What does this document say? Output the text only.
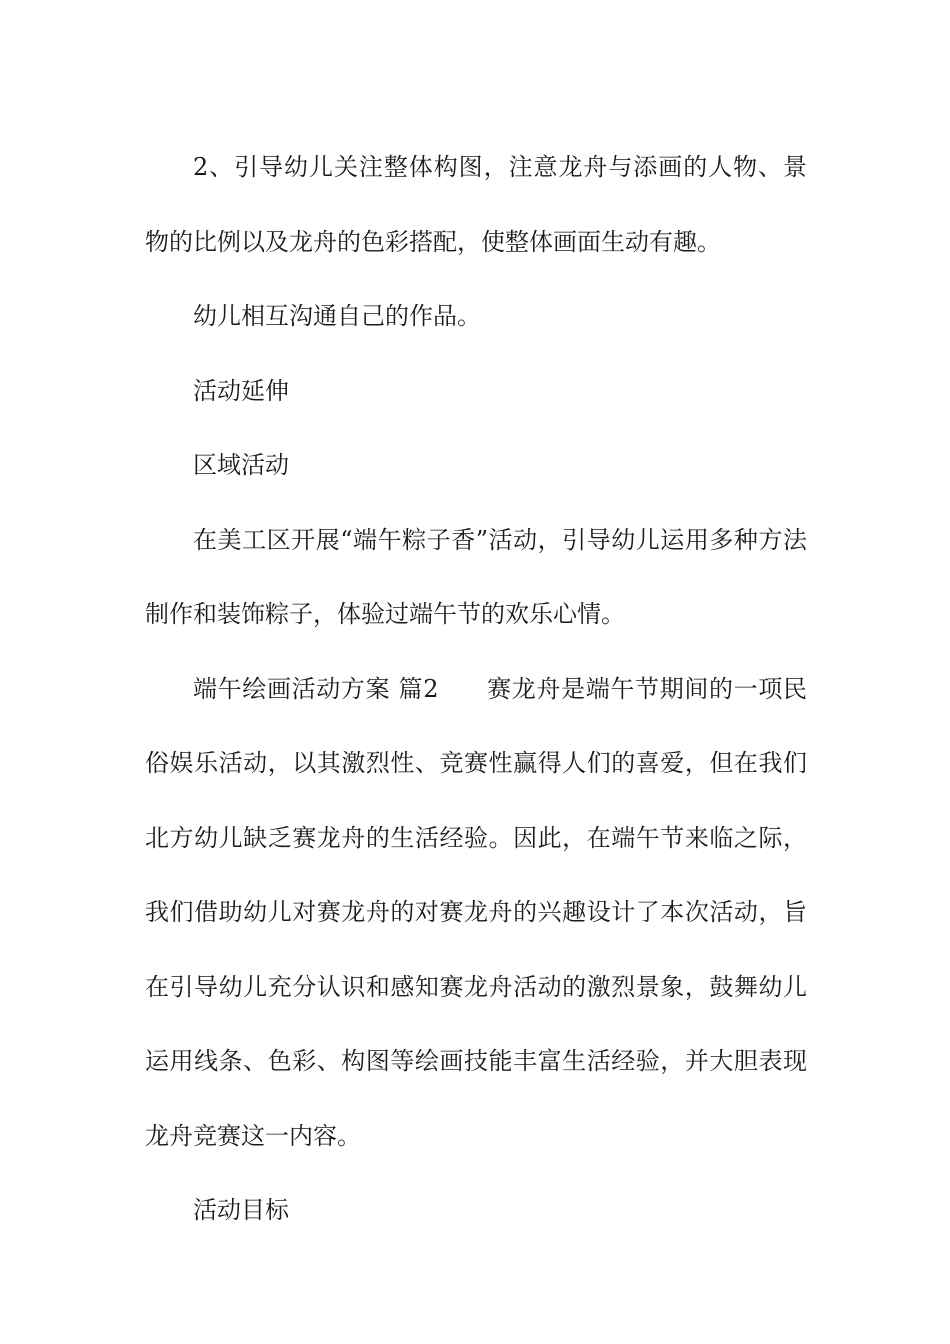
2、引导幼儿关注整体构图，注意龙舟与添画的人物、景物的比例以及龙舟的色彩搭配，使整体画面生动有趣。

幼儿相互沟通自己的作品。

活动延伸

区域活动

在美工区开展“端午粽子香”活动，引导幼儿运用多种方法制作和装饰粽子，体验过端午节的欢乐心情。

端午绘画活动方案 篇2 赛龙舟是端午节期间的一项民俗娱乐活动，以其激烈性、竞赛性赢得人们的喜爱，但在我们北方幼儿缺乏赛龙舟的生活经验。因此，在端午节来临之际，我们借助幼儿对赛龙舟的对赛龙舟的兴趣设计了本次活动，旨在引导幼儿充分认识和感知赛龙舟活动的激烈景象，鼓舞幼儿运用线条、色彩、构图等绘画技能丰富生活经验，并大胆表现龙舟竞赛这一内容。

活动目标
